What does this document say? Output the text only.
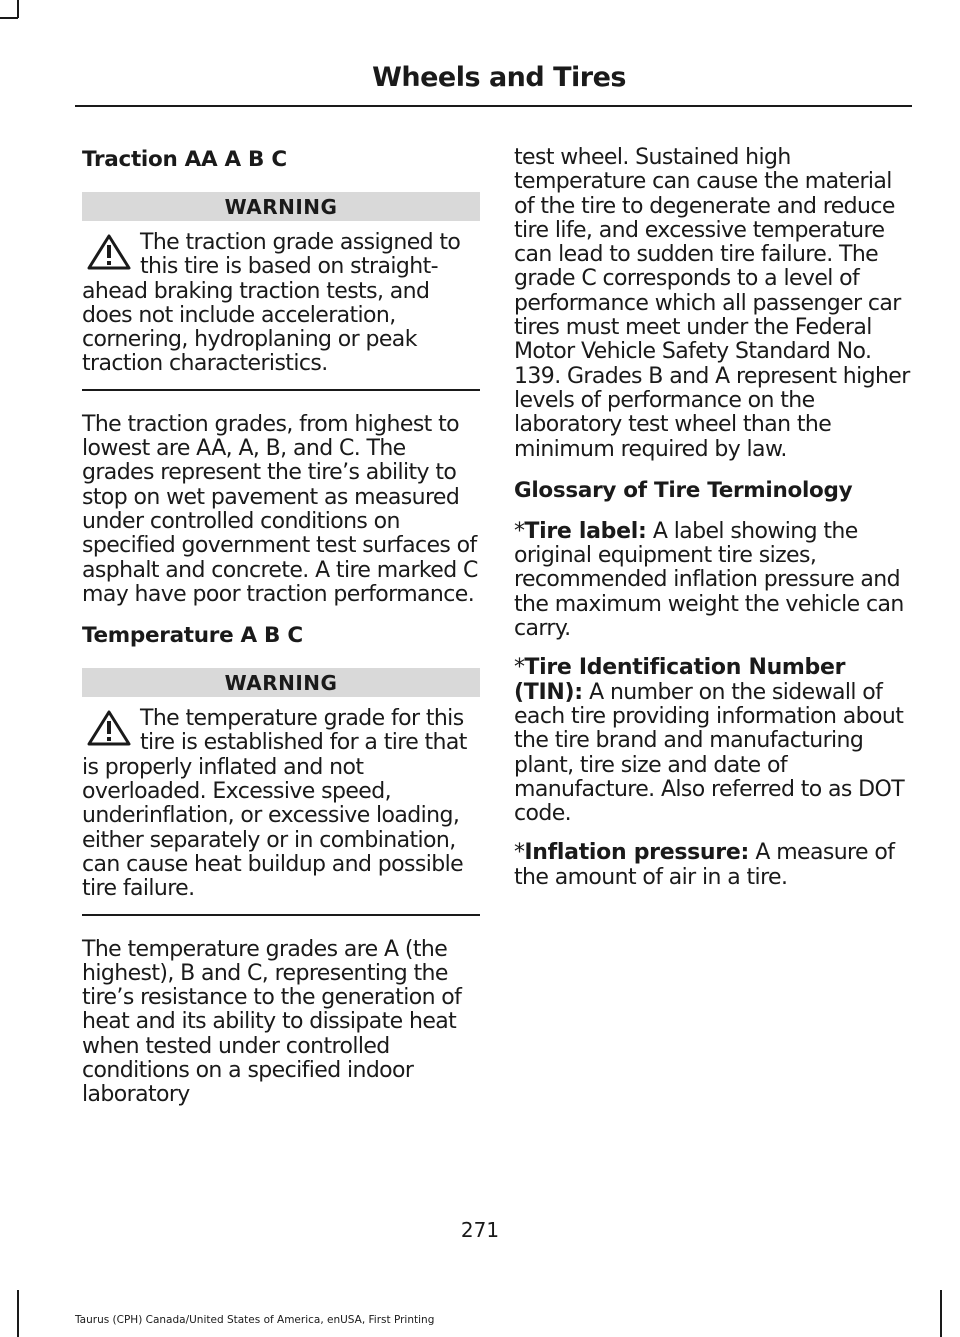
Wheels and Tires

Traction AA A B C

WARNING

The traction grade assigned to this tire is based on straight-ahead braking traction tests, and does not include acceleration, cornering, hydroplaning or peak traction characteristics.

The traction grades, from highest to lowest are AA, A, B, and C. The grades represent the tire’s ability to stop on wet pavement as measured under controlled conditions on specified government test surfaces of asphalt and concrete. A tire marked C may have poor traction performance.

Temperature A B C

WARNING

The temperature grade for this tire is established for a tire that is properly inflated and not overloaded. Excessive speed, underinflation, or excessive loading, either separately or in combination, can cause heat buildup and possible tire failure.

The temperature grades are A (the highest), B and C, representing the tire’s resistance to the generation of heat and its ability to dissipate heat when tested under controlled conditions on a specified indoor laboratory

test wheel. Sustained high temperature can cause the material of the tire to degenerate and reduce tire life, and excessive temperature can lead to sudden tire failure. The grade C corresponds to a level of performance which all passenger car tires must meet under the Federal Motor Vehicle Safety Standard No. 139. Grades B and A represent higher levels of performance on the laboratory test wheel than the minimum required by law.

Glossary of Tire Terminology

*Tire label: A label showing the original equipment tire sizes, recommended inflation pressure and the maximum weight the vehicle can carry.

*Tire Identification Number (TIN): A number on the sidewall of each tire providing information about the tire brand and manufacturing plant, tire size and date of manufacture. Also referred to as DOT code.

*Inflation pressure: A measure of the amount of air in a tire.

271
Taurus (CPH) Canada/United States of America, enUSA, First Printing
